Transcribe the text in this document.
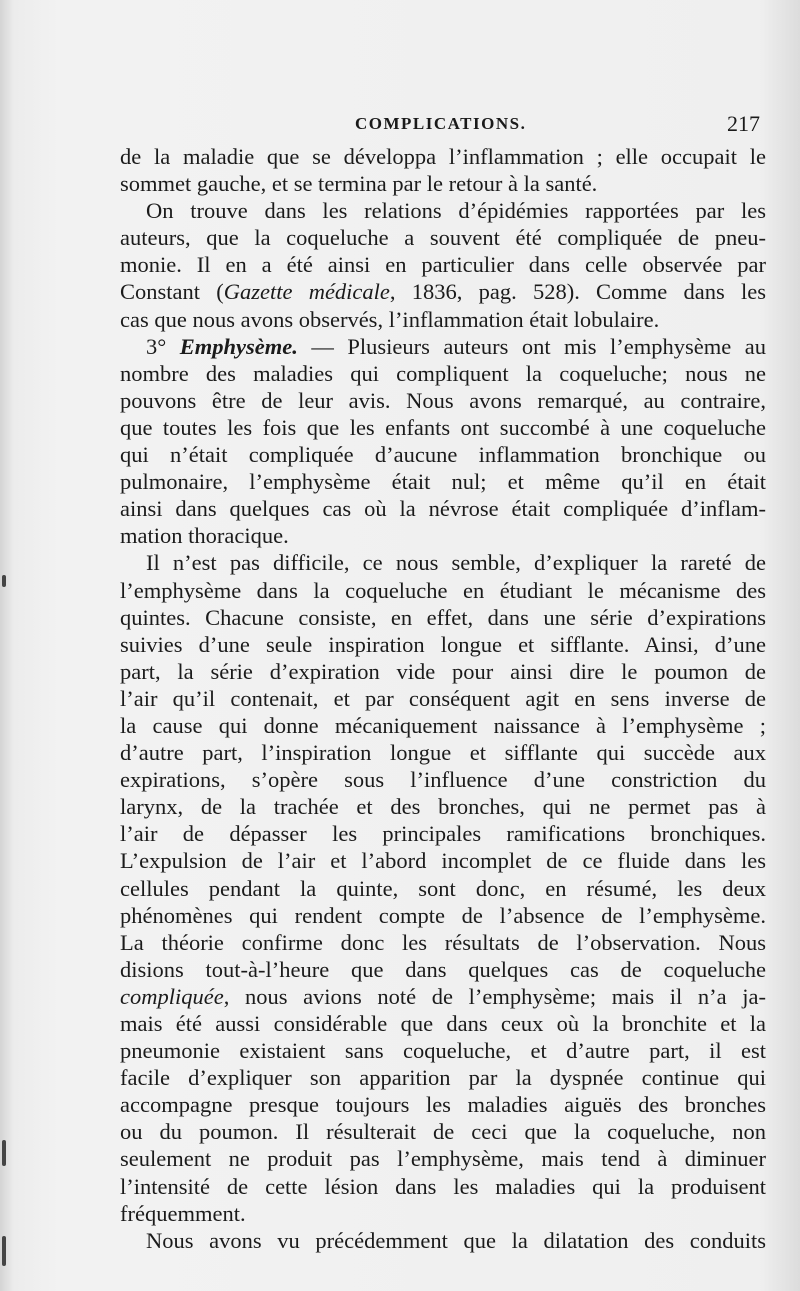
COMPLICATIONS.	217
de la maladie que se développa l’inflammation ; elle occupait le
sommet gauche, et se termina par le retour à la santé.
On trouve dans les relations d’épidémies rapportées par les
auteurs, que la coqueluche a souvent été compliquée de pneu-
monie. Il en a été ainsi en particulier dans celle observée par
Constant (Gazette médicale, 1836, pag. 528). Comme dans les
cas que nous avons observés, l’inflammation était lobulaire.
3° Emphysème. — Plusieurs auteurs ont mis l’emphysème au
nombre des maladies qui compliquent la coqueluche; nous ne
pouvons être de leur avis. Nous avons remarqué, au contraire,
que toutes les fois que les enfants ont succombé à une coqueluche
qui n’était compliquée d’aucune inflammation bronchique ou
pulmonaire, l’emphysème était nul; et même qu’il en était
ainsi dans quelques cas où la névrose était compliquée d’inflam-
mation thoracique.
Il n’est pas difficile, ce nous semble, d’expliquer la rareté de
l’emphysème dans la coqueluche en étudiant le mécanisme des
quintes. Chacune consiste, en effet, dans une série d’expirations
suivies d’une seule inspiration longue et sifflante. Ainsi, d’une
part, la série d’expiration vide pour ainsi dire le poumon de
l’air qu’il contenait, et par conséquent agit en sens inverse de
la cause qui donne mécaniquement naissance à l’emphysème ;
d’autre part, l’inspiration longue et sifflante qui succède aux
expirations, s’opère sous l’influence d’une constriction du
larynx, de la trachée et des bronches, qui ne permet pas à
l’air de dépasser les principales ramifications bronchiques.
L’expulsion de l’air et l’abord incomplet de ce fluide dans les
cellules pendant la quinte, sont donc, en résumé, les deux
phénomènes qui rendent compte de l’absence de l’emphysème.
La théorie confirme donc les résultats de l’observation. Nous
disions tout-à-l’heure que dans quelques cas de coqueluche
compliquée, nous avions noté de l’emphysème; mais il n’a ja-
mais été aussi considérable que dans ceux où la bronchite et la
pneumonie existaient sans coqueluche, et d’autre part, il est
facile d’expliquer son apparition par la dyspnée continue qui
accompagne presque toujours les maladies aiguës des bronches
ou du poumon. Il résulterait de ceci que la coqueluche, non
seulement ne produit pas l’emphysème, mais tend à diminuer
l’intensité de cette lésion dans les maladies qui la produisent
fréquemment.
Nous avons vu précédemment que la dilatation des conduits
